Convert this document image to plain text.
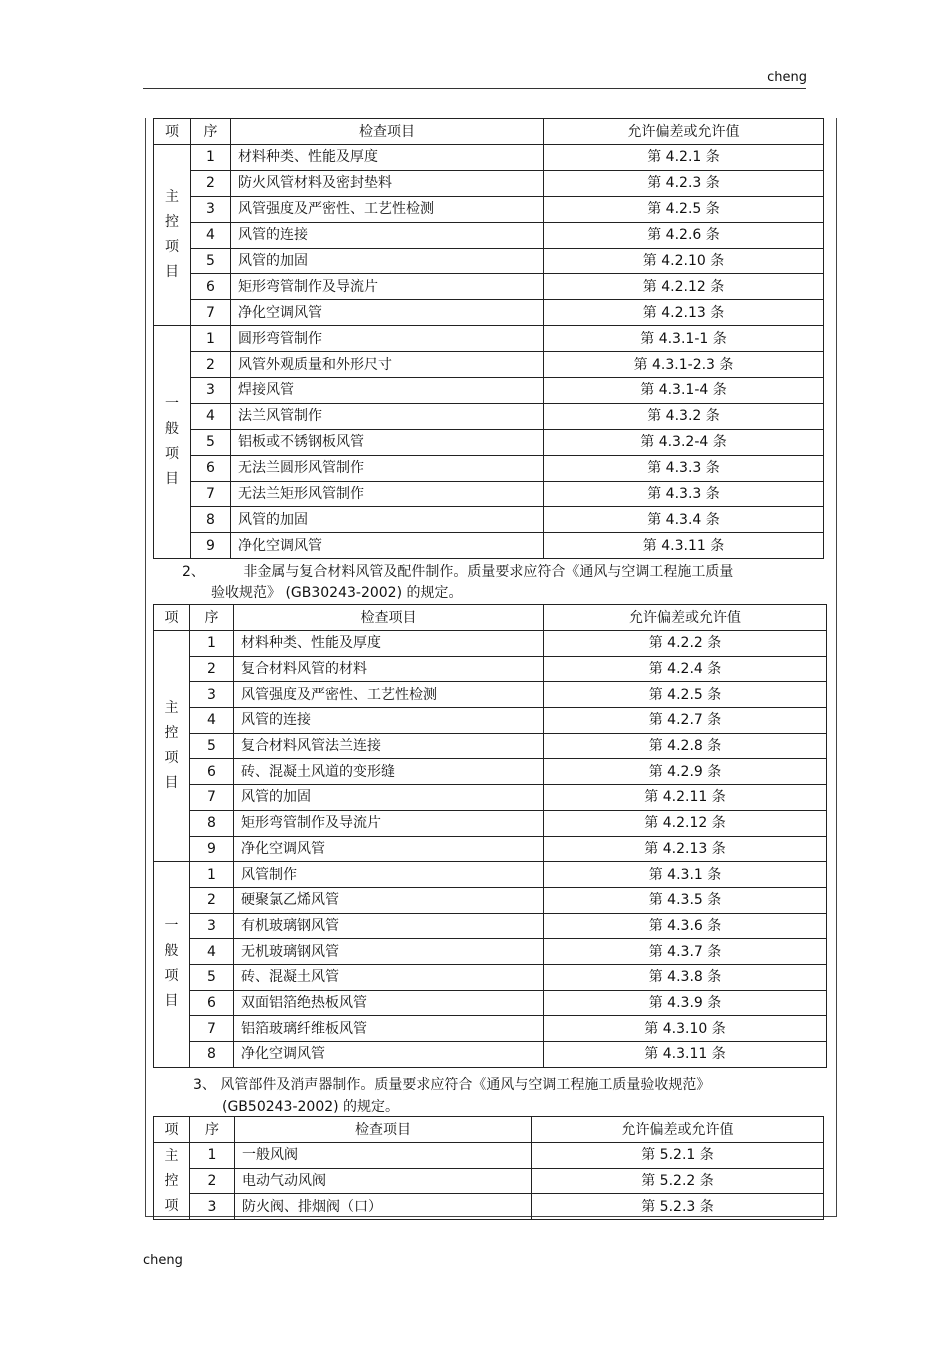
cheng
项	序	检查项目	允许偏差或允许值

主
控
项
目	1	材料种类、性能及厚度	第 4.2.1 条
	2	防火风管材料及密封垫料	第 4.2.3 条
	3	风管强度及严密性、工艺性检测	第 4.2.5 条
	4	风管的连接	第 4.2.6 条
	5	风管的加固	第 4.2.10 条
	6	矩形弯管制作及导流片	第 4.2.12 条
	7	净化空调风管	第 4.2.13 条

一
般
项
目	1	圆形弯管制作	第 4.3.1-1 条
	2	风管外观质量和外形尺寸	第 4.3.1-2.3 条
	3	焊接风管	第 4.3.1-4 条
	4	法兰风管制作	第 4.3.2 条
	5	铝板或不锈钢板风管	第 4.3.2-4 条
	6	无法兰圆形风管制作	第 4.3.3 条
	7	无法兰矩形风管制作	第 4.3.3 条
	8	风管的加固	第 4.3.4 条
	9	净化空调风管	第 4.3.11 条
2、	非金属与复合材料风管及配件制作。质量要求应符合《通风与空调工程施工质量
验收规范》 (GB30243-2002) 的规定。
项	序	检查项目	允许偏差或允许值

主
控
项
目	1	材料种类、性能及厚度	第 4.2.2 条
	2	复合材料风管的材料	第 4.2.4 条
	3	风管强度及严密性、工艺性检测	第 4.2.5 条
	4	风管的连接	第 4.2.7 条
	5	复合材料风管法兰连接	第 4.2.8 条
	6	砖、混凝土风道的变形缝	第 4.2.9 条
	7	风管的加固	第 4.2.11 条
	8	矩形弯管制作及导流片	第 4.2.12 条
	9	净化空调风管	第 4.2.13 条

一
般
项
目	1	风管制作	第 4.3.1 条
	2	硬聚氯乙烯风管	第 4.3.5 条
	3	有机玻璃钢风管	第 4.3.6 条
	4	无机玻璃钢风管	第 4.3.7 条
	5	砖、混凝土风管	第 4.3.8 条
	6	双面铝箔绝热板风管	第 4.3.9 条
	7	铝箔玻璃纤维板风管	第 4.3.10 条
	8	净化空调风管	第 4.3.11 条
3、 风管部件及消声器制作。质量要求应符合《通风与空调工程施工质量验收规范》
(GB50243-2002) 的规定。
项	序	检查项目	允许偏差或允许值

主
控
项	1	一般风阀	第 5.2.1 条
	2	电动气动风阀	第 5.2.2 条
	3	防火阀、排烟阀（口）	第 5.2.3 条
cheng
